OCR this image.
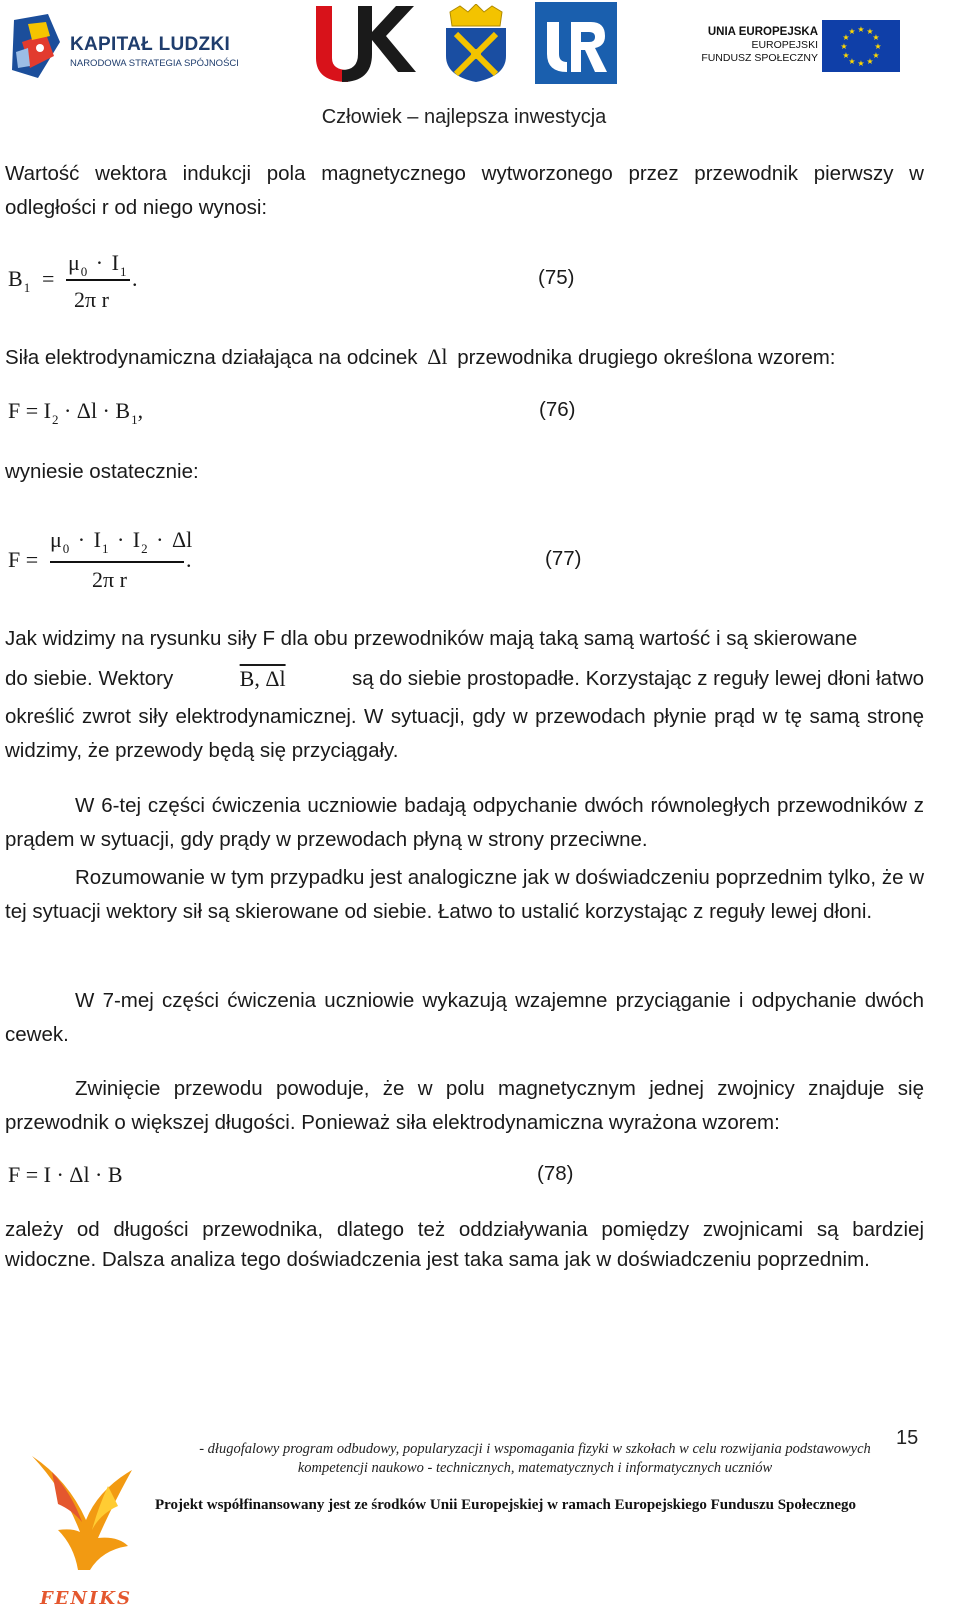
KAPITAŁ LUDZKI
NARODOWA STRATEGIA SPÓJNOŚCI
UNIA EUROPEJSKA
EUROPEJSKI
FUNDUSZ SPOŁECZNY
★ ★
★
★
★
★
★
★
★
★
★
★
Człowiek – najlepsza inwestycja
Wartość wektora indukcji pola magnetycznego wytworzonego przez przewodnik pierwszy w odległości r od niego wynosi:
$B_1$ =
$\mu_0 \cdot I_1$
2π r
.	(75)
Siła elektrodynamiczna działająca na odcinek Δl przewodnika drugiego określona wzorem:
$F = I_2 \cdot \Delta l \cdot B_1$,	(76)
wyniesie ostatecznie:
F =
$\mu_0 \cdot I_1 \cdot I_2 \cdot \Delta l$
2π r
.	(77)
Jak widzimy na rysunku siły F dla obu przewodników mają taką samą wartość i są skierowane
do siebie. Wektory	B, Δl	są do siebie prostopadłe. Korzystając z reguły lewej dłoni łatwo
określić zwrot siły elektrodynamicznej. W sytuacji, gdy w przewodach płynie prąd w tę samą stronę widzimy, że przewody będą się przyciągały.
W 6-tej części ćwiczenia uczniowie badają odpychanie dwóch równoległych przewodników z prądem w sytuacji, gdy prądy w przewodach płyną w strony przeciwne.
Rozumowanie w tym przypadku jest analogiczne jak w doświadczeniu poprzednim tylko, że w tej sytuacji wektory sił są skierowane od siebie. Łatwo to ustalić korzystając z reguły lewej dłoni.
W 7-mej części ćwiczenia uczniowie wykazują wzajemne przyciąganie i odpychanie dwóch cewek.
Zwinięcie przewodu powoduje, że w polu magnetycznym jednej zwojnicy znajduje się przewodnik o większej długości. Ponieważ siła elektrodynamiczna wyrażona wzorem:
F = I · Δl · B	(78)
zależy od długości przewodnika, dlatego też oddziaływania pomiędzy zwojnicami są bardziej widoczne. Dalsza analiza tego doświadczenia jest taka sama jak w doświadczeniu poprzednim.
15
FENIKS
- długofalowy program odbudowy, popularyzacji i wspomagania fizyki w szkołach w celu rozwijania podstawowych
kompetencji naukowo - technicznych, matematycznych i informatycznych uczniów
Projekt współfinansowany jest ze środków Unii Europejskiej w ramach Europejskiego Funduszu Społecznego
